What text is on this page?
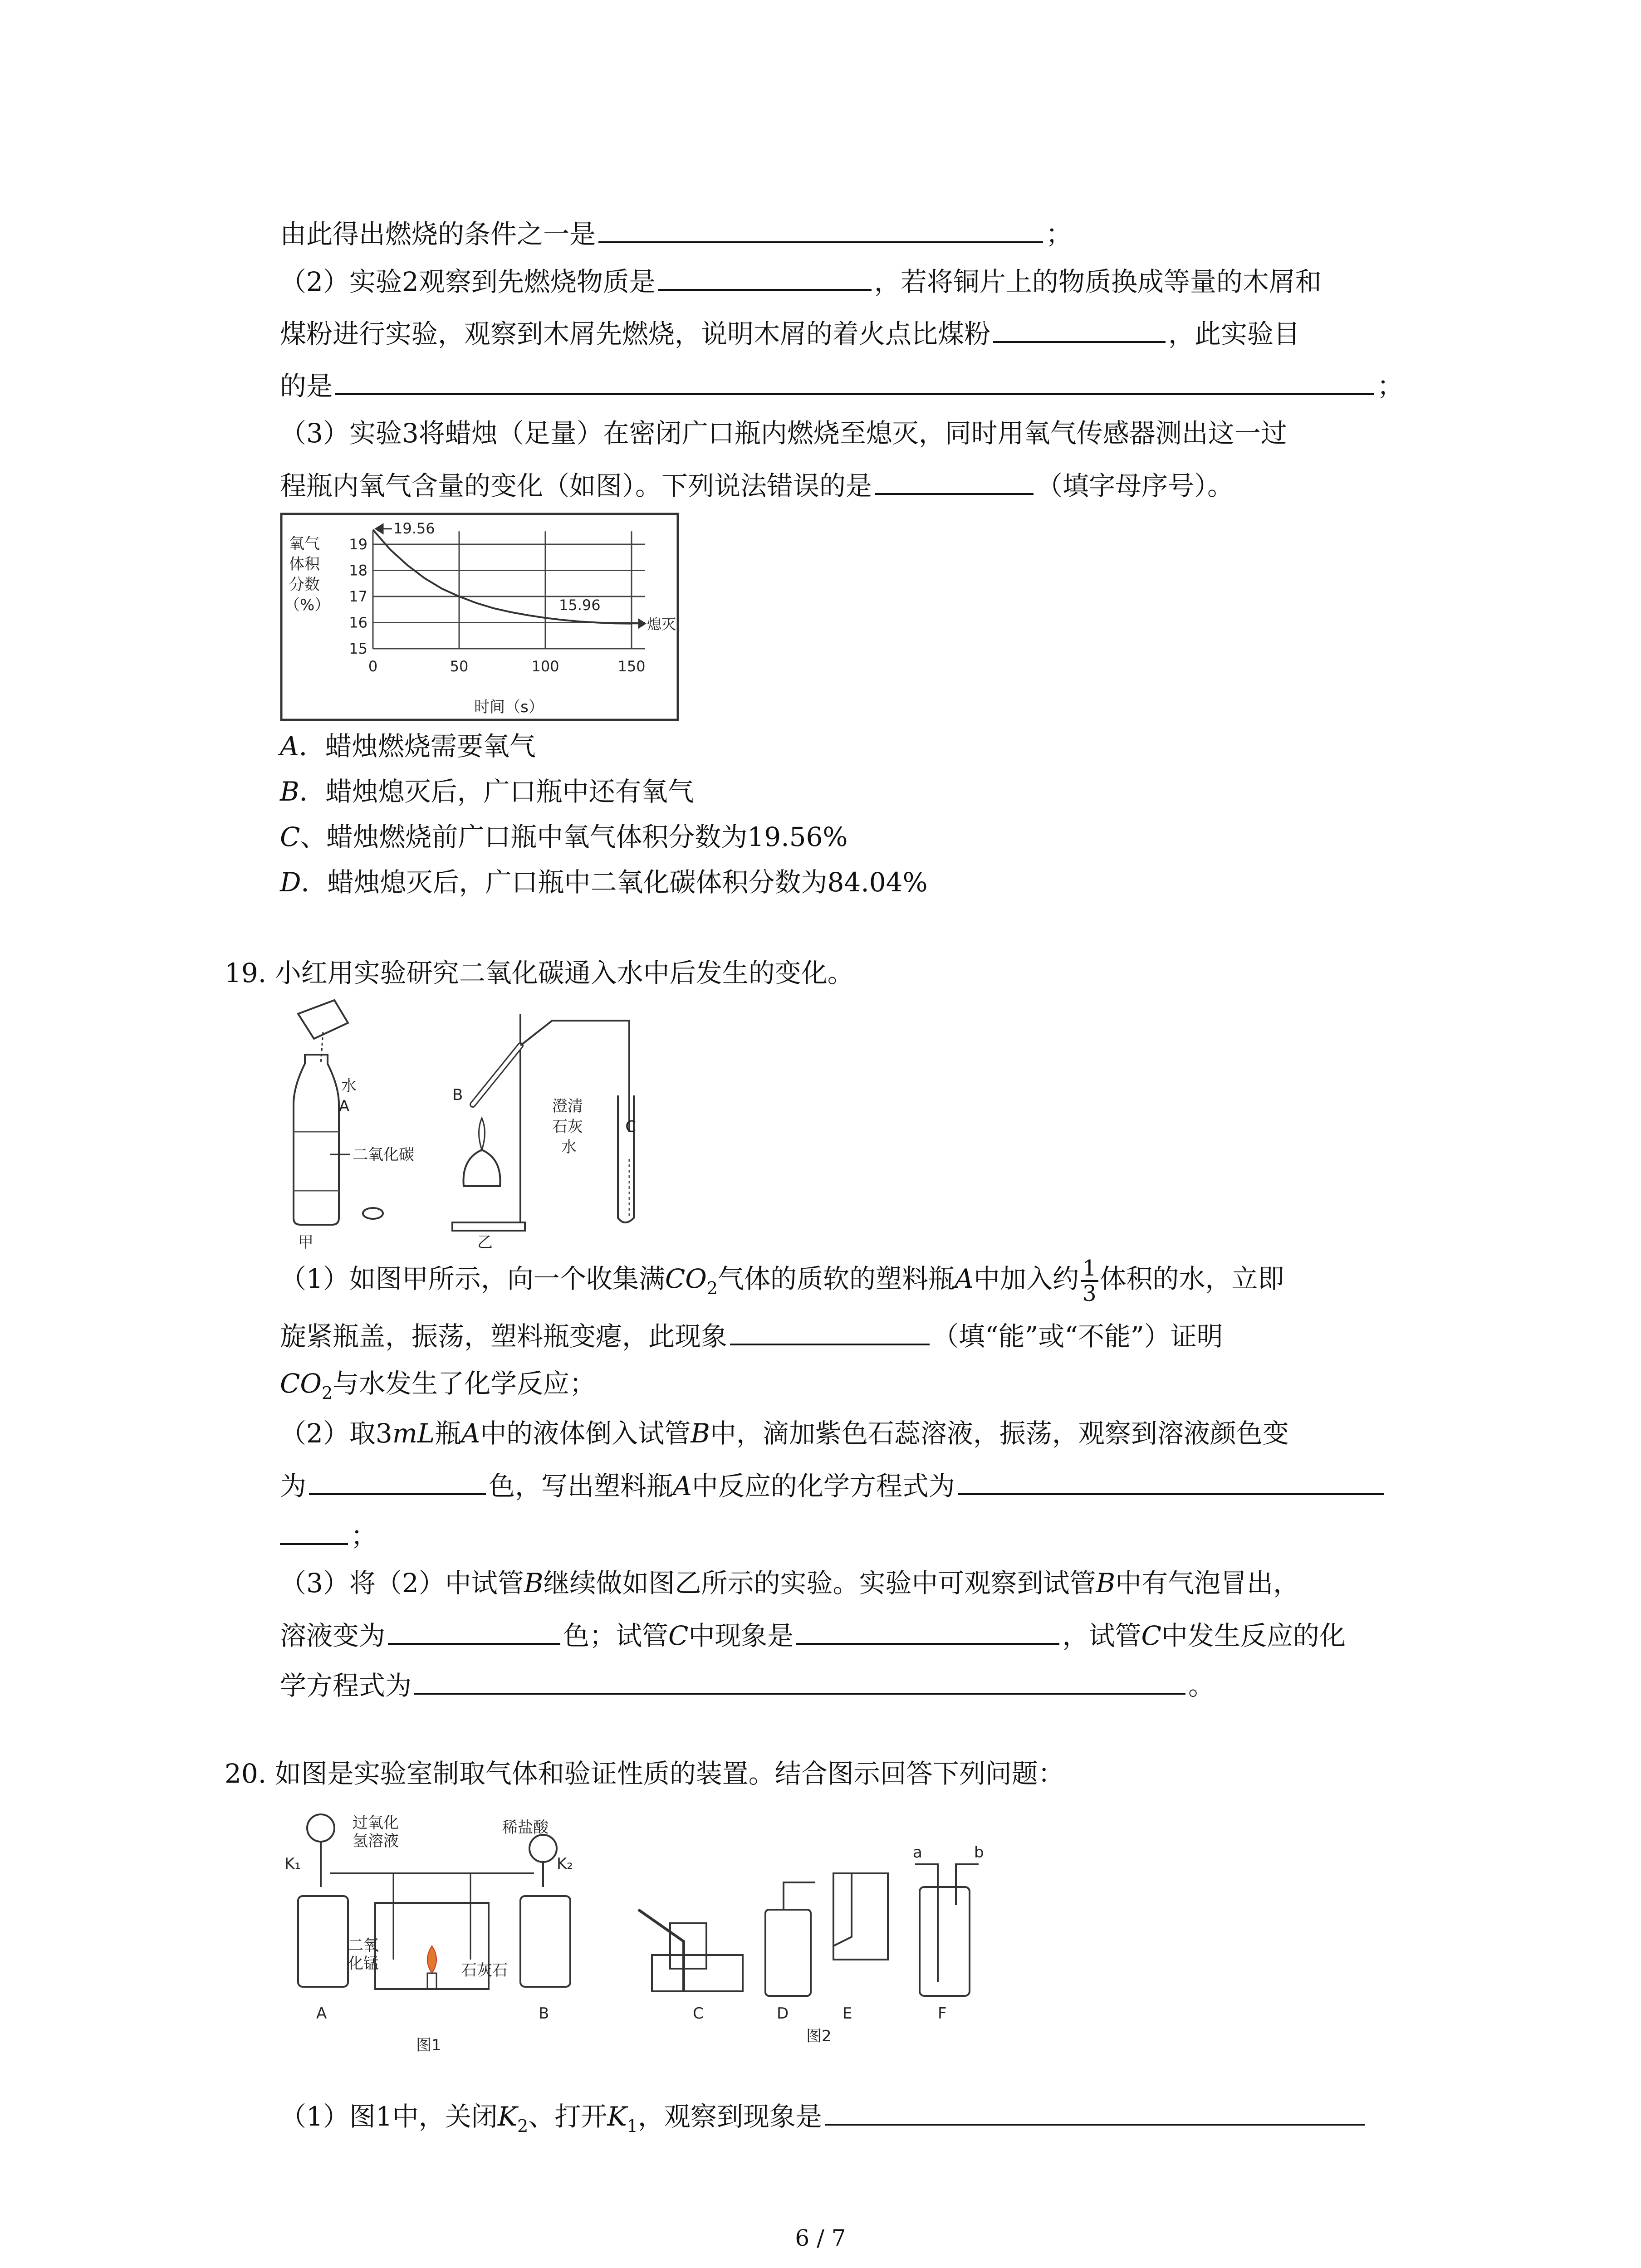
由此得出燃烧的条件之一是	；
（2）实验2观察到先燃烧物质是	，若将铜片上的物质换成等量的木屑和
煤粉进行实验，观察到木屑先燃烧，说明木屑的着火点比煤粉	，此实验目
的是	；
（3）实验3将蜡烛（足量）在密闭广口瓶内燃烧至熄灭，同时用氧气传感器测出这一过
程瓶内氧气含量的变化（如图）。下列说法错误的是	（填字母序号）。
氧气
体积
分数
（%）
15
16
17
18
19
0	50	100	150
时间（s）
19.56
15.96
熄灭
A．蜡烛燃烧需要氧气
B．蜡烛熄灭后，广口瓶中还有氧气
C、蜡烛燃烧前广口瓶中氧气体积分数为19.56%
D．蜡烛熄灭后，广口瓶中二氧化碳体积分数为84.04%
19. 小红用实验研究二氧化碳通入水中后发生的变化。
水
A
二氧化碳
甲
B
乙
澄清
石灰
水
C
（1）如图甲所示，向一个收集满$CO_2$气体的质软的塑料瓶A中加入约 $\frac{1}{3}$ 体积的水，立即
旋紧瓶盖，振荡，塑料瓶变瘪，此现象	（填“能”或“不能”）证明
$CO_2$与水发生了化学反应；
（2）取3mL瓶A中的液体倒入试管B中，滴加紫色石蕊溶液，振荡，观察到溶液颜色变
为	色，写出塑料瓶A中反应的化学方程式为
；
（3）将（2）中试管B继续做如图乙所示的实验。实验中可观察到试管B中有气泡冒出，
溶液变为	色；试管C中现象是	，试管C中发生反应的化
学方程式为	。
20. 如图是实验室制取气体和验证性质的装置。结合图示回答下列问题：
过氧化
氢溶液
稀盐酸
K₁	K₂
二氧
化锰	石灰石
A	B
图1
a	b
C	D	E	F
图2
（1）图1中，关闭$K_2$、打开$K_1$，观察到现象是
6 / 7
